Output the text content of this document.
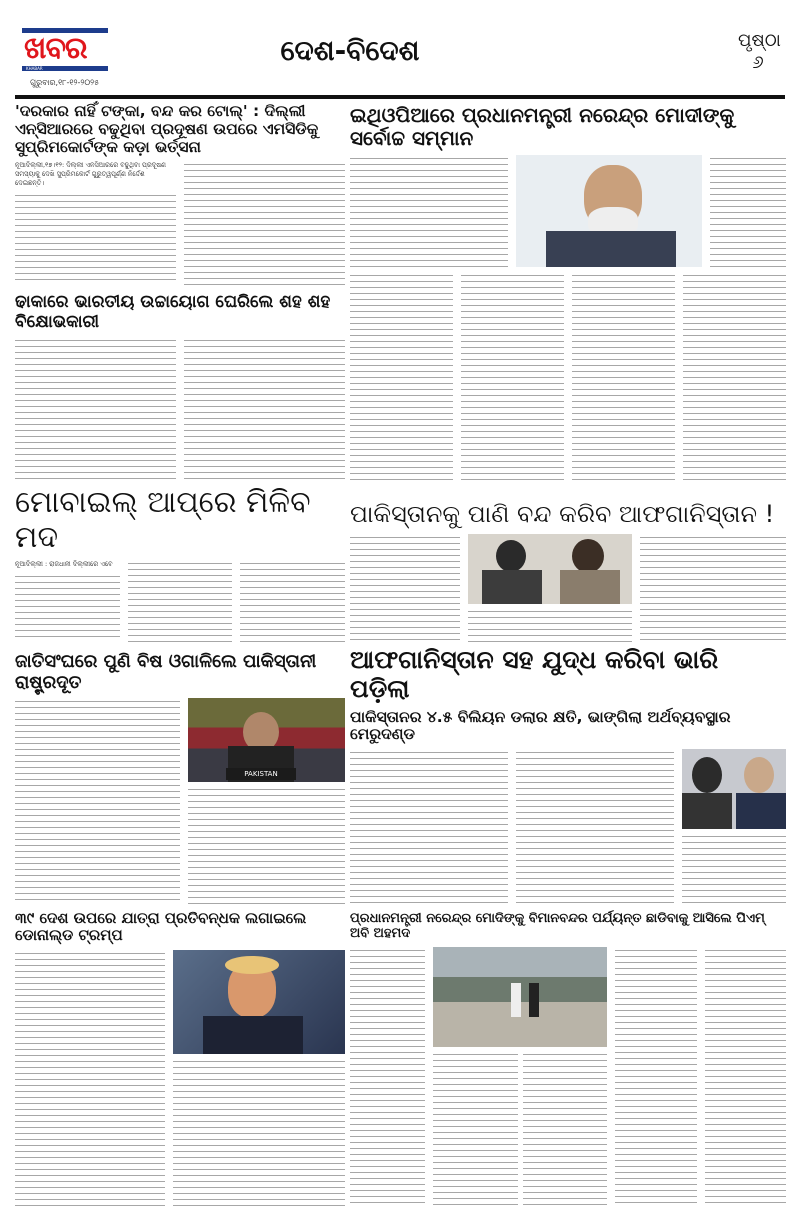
ଖବର
KHABAR
ଗୁରୁବାର,୧୮-୧୨-୨୦୨୫
ଦେଶ-ବିଦେଶ	ପୃଷ୍ଠା
୬
'ଦରକାର ନାହିଁ ଟଙ୍କା, ବନ୍ଦ କର ଟୋଲ୍' : ଦିଲ୍ଲୀ ଏନ୍‌ସିଆରରେ ବଢୁଥିବା ପ୍ରଦୂଷଣ ଉପରେ ଏମସିଡିକୁ ସୁପ୍ରିମକୋର୍ଟଙ୍କ କଡ଼ା ଭର୍ତ୍ସନା
ନୂଆଦିଲ୍ଲୀ,୧୭।୧୨: ଦିଲ୍ଲୀ ଏନସିଆରରେ ବଢୁଥିବା ପ୍ରଦୂଷଣ ସମସ୍ୟାକୁ ଦେଖି ସୁପ୍ରିମକୋର୍ଟ ଗୁରୁତ୍ୱପୂର୍ଣ୍ଣ ନିର୍ଦ୍ଦେଶ ଦେଇଛନ୍ତି।
ଢାକାରେ ଭାରତୀୟ ଉଚ୍ଚାୟୋଗ ଘେରିଲେ ଶହ ଶହ ବିକ୍ଷୋଭକାରୀ
ମୋବାଇଲ୍ ଆପ୍‌ରେ ମିଳିବ ମଦ
ନୂଆଦିଲ୍ଲୀ : ରାଜଧାନୀ ଦିଲ୍ଲୀରେ ଏବେ
ଜାତିସଂଘରେ ପୁଣି ବିଷ ଓଗାଳିଲେ ପାକିସ୍ତାନୀ ରାଷ୍ଟ୍ରଦୂତ
PAKISTAN
୩୯ ଦେଶ ଉପରେ ଯାତ୍ରା ପ୍ରତିବନ୍ଧକ ଲଗାଇଲେ ଡୋନାଲ୍ଡ ଟ୍ରମ୍ପ
ଇଥିଓପିଆରେ ପ୍ରଧାନମନ୍ତ୍ରୀ ନରେନ୍ଦ୍ର ମୋଦୀଙ୍କୁ ସର୍ବୋଚ୍ଚ ସମ୍ମାନ
ପାକିସ୍ତାନକୁ ପାଣି ବନ୍ଦ କରିବ ଆଫଗାନିସ୍ତାନ !
ଆଫଗାନିସ୍ତାନ ସହ ଯୁଦ୍ଧ କରିବା ଭାରି ପଡ଼ିଲା
ପାକିସ୍ତାନର ୪.୫ ବିଲିୟନ ଡଲାର କ୍ଷତି, ଭାଙ୍ଗିଲା ଅର୍ଥବ୍ୟବସ୍ଥାର ମେରୁଦଣ୍ଡ
ପ୍ରଧାନମନ୍ତ୍ରୀ ନରେନ୍ଦ୍ର ମୋଦିଙ୍କୁ ବିମାନବନ୍ଦର ପର୍ଯ୍ୟନ୍ତ ଛାଡିବାକୁ ଆସିଲେ ପିଏମ୍ ଅବି ଅହମଦ
